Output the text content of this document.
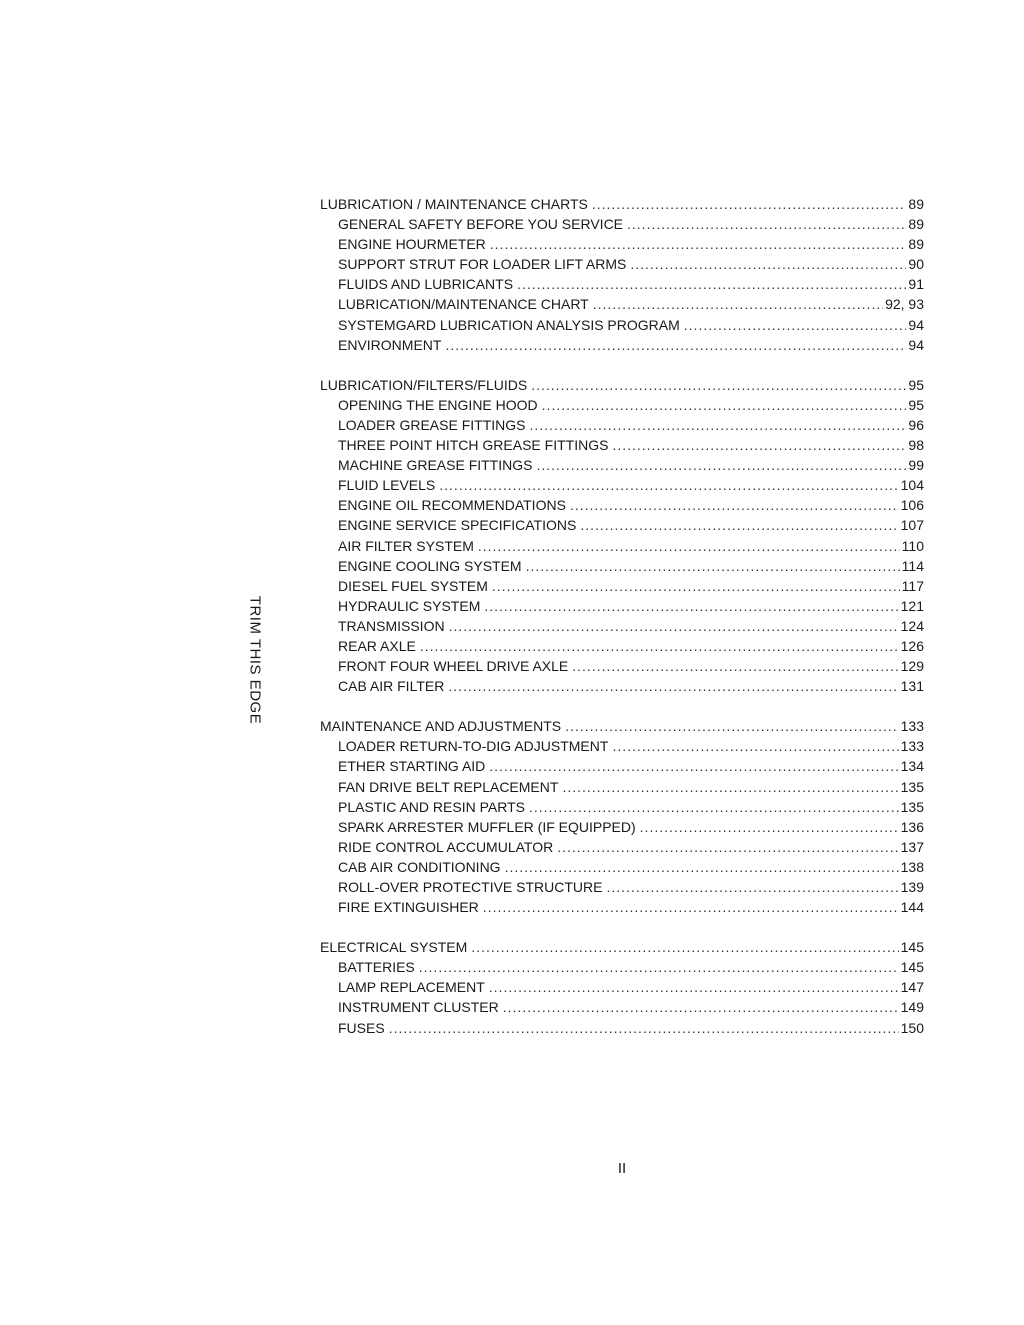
TRIM THIS EDGE
LUBRICATION / MAINTENANCE CHARTS .....	89
GENERAL SAFETY BEFORE YOU SERVICE .....	89
ENGINE HOURMETER .....	89
SUPPORT STRUT FOR LOADER LIFT ARMS .....	90
FLUIDS AND LUBRICANTS .....	91
LUBRICATION/MAINTENANCE CHART .....	92, 93
SYSTEMGARD LUBRICATION ANALYSIS PROGRAM .....	94
ENVIRONMENT .....	94
LUBRICATION/FILTERS/FLUIDS .....	95
OPENING THE ENGINE HOOD .....	95
LOADER GREASE FITTINGS .....	96
THREE POINT HITCH GREASE FITTINGS .....	98
MACHINE GREASE FITTINGS .....	99
FLUID LEVELS .....	104
ENGINE OIL RECOMMENDATIONS .....	106
ENGINE SERVICE SPECIFICATIONS .....	107
AIR FILTER SYSTEM .....	110
ENGINE COOLING SYSTEM .....	114
DIESEL FUEL SYSTEM .....	117
HYDRAULIC SYSTEM .....	121
TRANSMISSION .....	124
REAR AXLE .....	126
FRONT FOUR WHEEL DRIVE AXLE .....	129
CAB AIR FILTER .....	131
MAINTENANCE AND ADJUSTMENTS .....	133
LOADER RETURN-TO-DIG ADJUSTMENT .....	133
ETHER STARTING AID .....	134
FAN DRIVE BELT REPLACEMENT .....	135
PLASTIC AND RESIN PARTS .....	135
SPARK ARRESTER MUFFLER (IF EQUIPPED) .....	136
RIDE CONTROL ACCUMULATOR .....	137
CAB AIR CONDITIONING .....	138
ROLL-OVER PROTECTIVE STRUCTURE .....	139
FIRE EXTINGUISHER .....	144
ELECTRICAL SYSTEM .....	145
BATTERIES .....	145
LAMP REPLACEMENT .....	147
INSTRUMENT CLUSTER .....	149
FUSES .....	150
II
